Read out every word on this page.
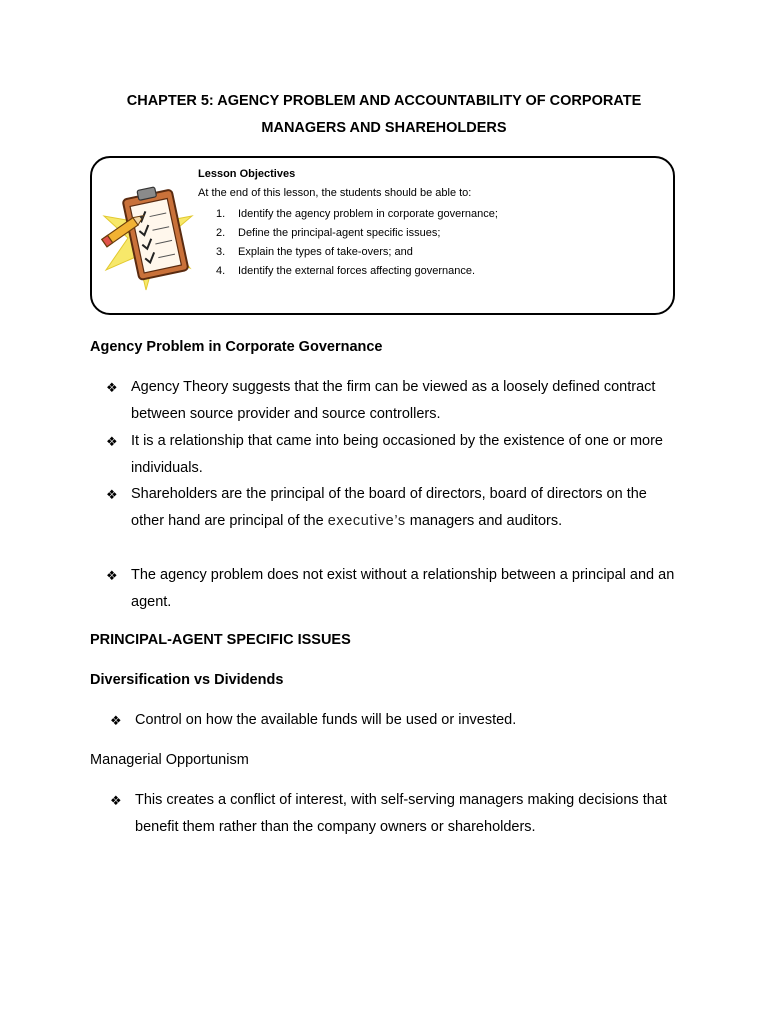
CHAPTER 5: AGENCY PROBLEM AND ACCOUNTABILITY OF CORPORATE
MANAGERS AND SHAREHOLDERS
Lesson Objectives
At the end of this lesson, the students should be able to:
1. Identify the agency problem in corporate governance;
2. Define the principal-agent specific issues;
3. Explain the types of take-overs; and
4. Identify the external forces affecting governance.
Agency Problem in Corporate Governance
❖ Agency Theory suggests that the firm can be viewed as a loosely defined contract between source provider and source controllers.
❖ It is a relationship that came into being occasioned by the existence of one or more individuals.
❖ Shareholders are the principal of the board of directors, board of directors on the other hand are principal of the executive’s managers and auditors.
❖ The agency problem does not exist without a relationship between a principal and an agent.
PRINCIPAL-AGENT SPECIFIC ISSUES
Diversification vs Dividends
❖ Control on how the available funds will be used or invested.
Managerial Opportunism
❖ This creates a conflict of interest, with self-serving managers making decisions that benefit them rather than the company owners or shareholders.
